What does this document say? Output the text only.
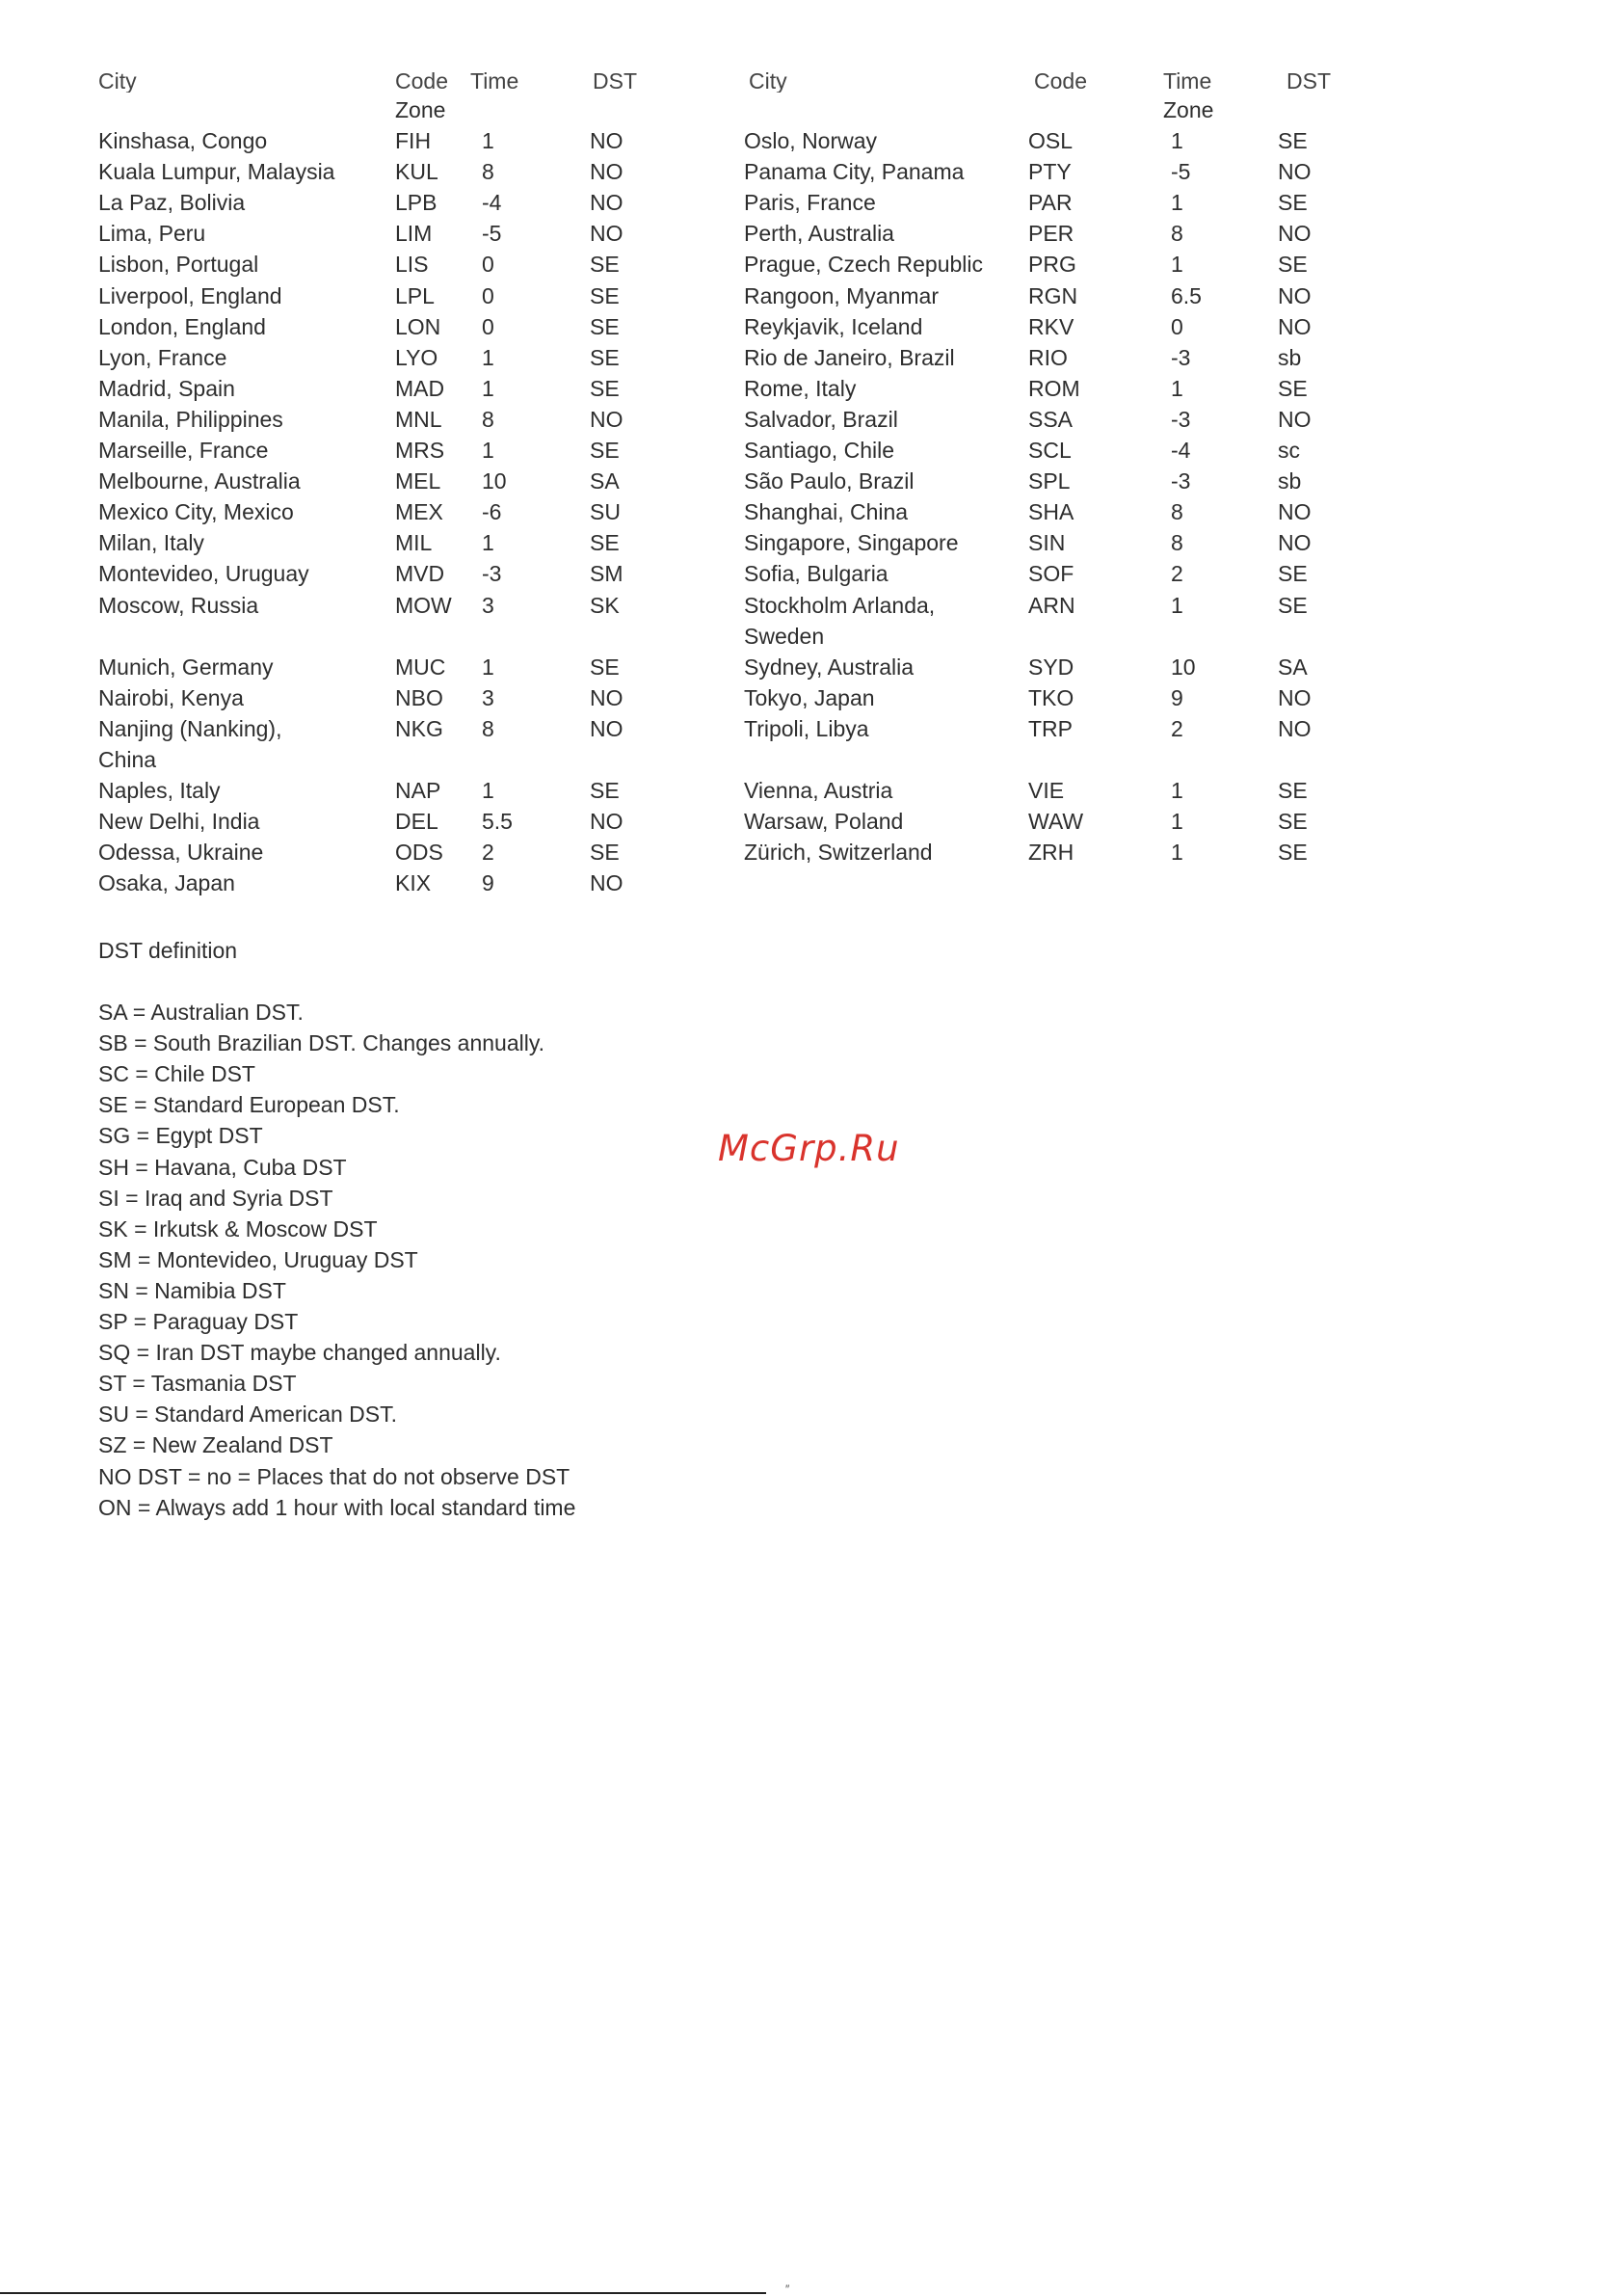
City	Code Time	DST	City	Code	Time	DST
Zone	Zone
Kinshasa, Congo	FIH 1	NO
Kuala Lumpur, Malaysia	KUL 8	NO
La Paz, Bolivia	LPB -4	NO
Lima, Peru	LIM -5	NO
Lisbon, Portugal	LIS 0	SE
Liverpool, England	LPL 0	SE
London, England	LON 0	SE
Lyon, France	LYO 1	SE
Madrid, Spain	MAD 1	SE
Manila, Philippines	MNL 8	NO
Marseille, France	MRS 1	SE
Melbourne, Australia	MEL 10	SA
Mexico City, Mexico	MEX -6	SU
Milan, Italy	MIL 1	SE
Montevideo, Uruguay	MVD -3	SM
Moscow, Russia	MOW 3	SK
Munich, Germany	MUC 1	SE
Nairobi, Kenya	NBO 3	NO
Nanjing (Nanking),	NKG 8	NO
China
Naples, Italy	NAP 1	SE
New Delhi, India	DEL 5.5	NO
Odessa, Ukraine	ODS 2	SE
Osaka, Japan	KIX 9	NO
Oslo, Norway	OSL	1	SE
Panama City, Panama	PTY	-5	NO
Paris, France	PAR	1	SE
Perth, Australia	PER	8	NO
Prague, Czech Republic PRG	1	SE
Rangoon, Myanmar	RGN	6.5	NO
Reykjavik, Iceland	RKV	0	NO
Rio de Janeiro, Brazil	RIO	-3	sb
Rome, Italy	ROM	1	SE
Salvador, Brazil	SSA	-3	NO
Santiago, Chile	SCL	-4	sc
São Paulo, Brazil	SPL	-3	sb
Shanghai, China	SHA	8	NO
Singapore, Singapore	SIN	8	NO
Sofia, Bulgaria	SOF	2	SE
Stockholm Arlanda,	ARN	1	SE
Sweden
Sydney, Australia	SYD	10	SA
Tokyo, Japan	TKO	9	NO
Tripoli, Libya	TRP	2	NO
Vienna, Austria	VIE	1	SE
Warsaw, Poland	WAW	1	SE
Zürich, Switzerland	ZRH	1	SE
DST definition
SA = Australian DST.
SB = South Brazilian DST. Changes annually.
SC = Chile DST
SE = Standard European DST.
SG = Egypt DST
SH = Havana, Cuba DST
SI = Iraq and Syria DST
SK = Irkutsk & Moscow DST
SM = Montevideo, Uruguay DST
SN = Namibia DST
SP = Paraguay DST
SQ = Iran DST maybe changed annually.
ST = Tasmania DST
SU = Standard American DST.
SZ = New Zealand DST
NO DST = no = Places that do not observe DST
ON = Always add 1 hour with local standard time
McGrp.Ru
″
